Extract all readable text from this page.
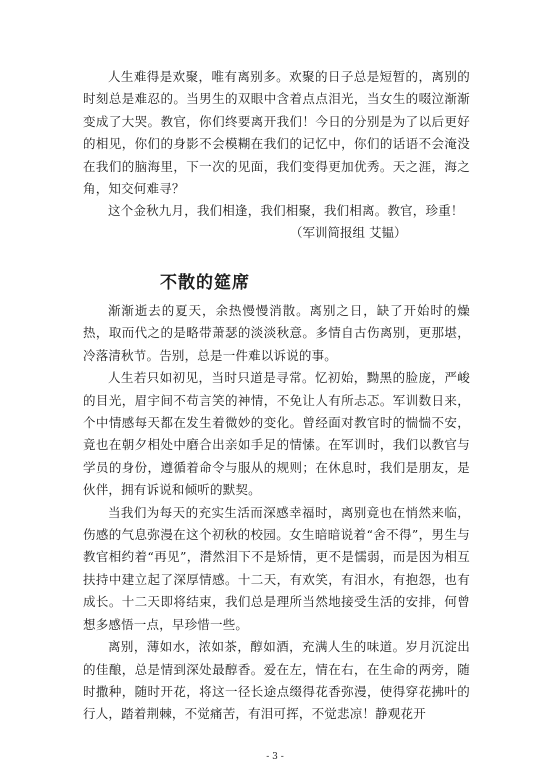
人生难得是欢聚，唯有离别多。欢聚的日子总是短暂的，离别的时刻总是难忍的。当男生的双眼中含着点点泪光，当女生的啜泣渐渐变成了大哭。教官，你们终要离开我们！今日的分别是为了以后更好的相见，你们的身影不会模糊在我们的记忆中，你们的话语不会淹没在我们的脑海里，下一次的见面，我们变得更加优秀。天之涯，海之角，知交何难寻？

这个金秋九月，我们相逢，我们相聚，我们相离。教官，珍重！

（军训简报组 艾韫）
不散的筵席

渐渐逝去的夏天，余热慢慢消散。离别之日，缺了开始时的燥热，取而代之的是略带萧瑟的淡淡秋意。多情自古伤离别，更那堪，冷落清秋节。告别，总是一件难以诉说的事。

人生若只如初见，当时只道是寻常。忆初始，黝黑的脸庞，严峻的目光，眉宇间不苟言笑的神情，不免让人有所忐忑。军训数日来，个中情感每天都在发生着微妙的变化。曾经面对教官时的惴惴不安，竟也在朝夕相处中磨合出亲如手足的情愫。在军训时，我们以教官与学员的身份，遵循着命令与服从的规则；在休息时，我们是朋友，是伙伴，拥有诉说和倾听的默契。

当我们为每天的充实生活而深感幸福时，离别竟也在悄然来临，伤感的气息弥漫在这个初秋的校园。女生暗暗说着“舍不得”，男生与教官相约着“再见”，潸然泪下不是矫情，更不是懦弱，而是因为相互扶持中建立起了深厚情感。十二天，有欢笑，有泪水，有抱怨，也有成长。十二天即将结束，我们总是理所当然地接受生活的安排，何曾想多感悟一点，早珍惜一些。

离别，薄如水，浓如茶，醇如酒，充满人生的味道。岁月沉淀出的佳酿，总是情到深处最醇香。爱在左，情在右，在生命的两旁，随时撒种，随时开花，将这一径长途点缀得花香弥漫，使得穿花拂叶的行人，踏着荆棘，不觉痛苦，有泪可挥，不觉悲凉！静观花开

- 3 -
